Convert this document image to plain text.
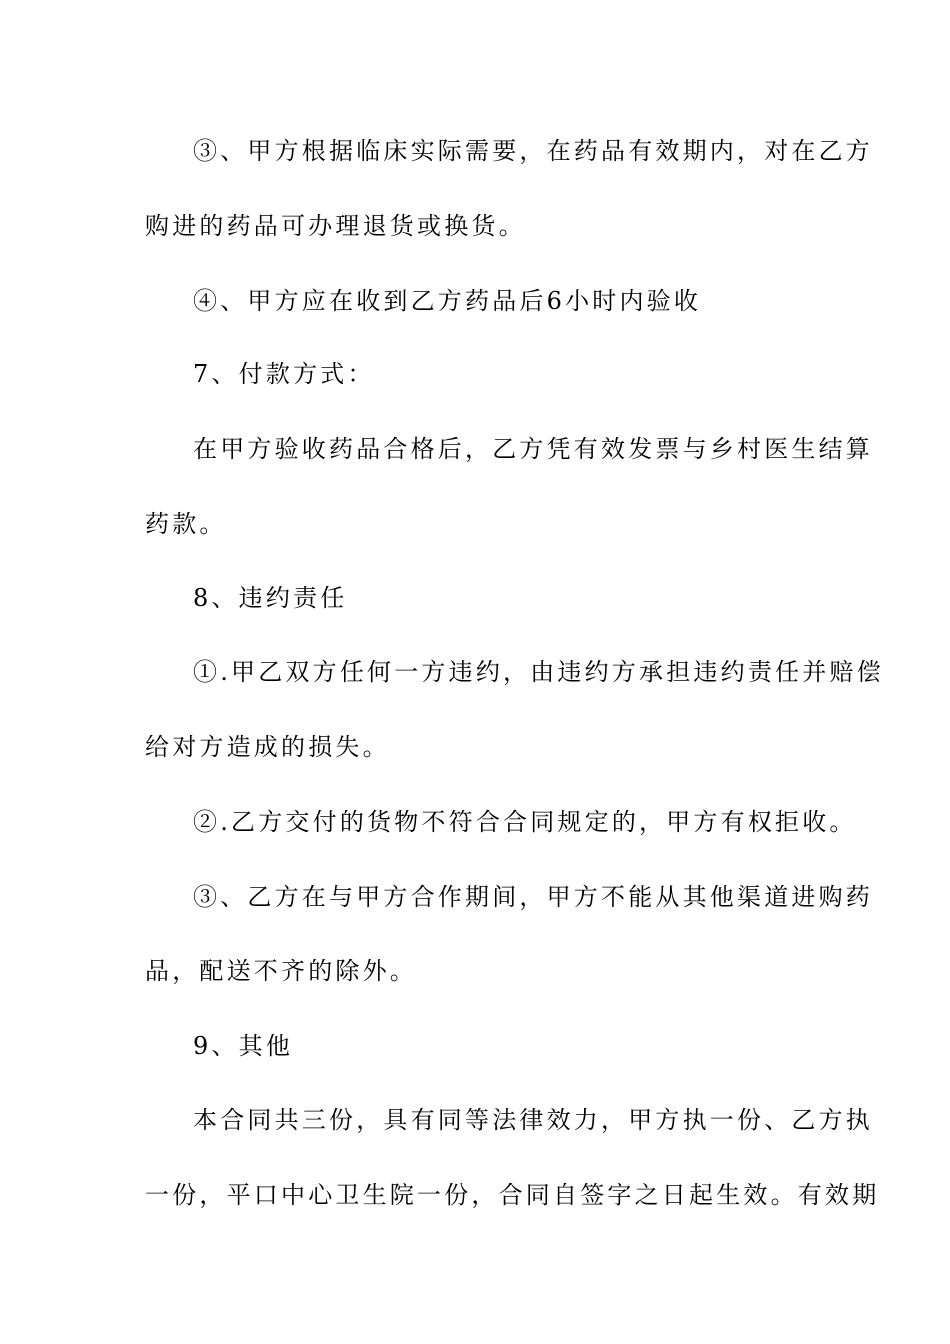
③、甲方根据临床实际需要，在药品有效期内，对在乙方
购进的药品可办理退货或换货。
④、甲方应在收到乙方药品后6小时内验收
7、付款方式：
在甲方验收药品合格后，乙方凭有效发票与乡村医生结算
药款。
8、违约责任
①.甲乙双方任何一方违约，由违约方承担违约责任并赔偿
给对方造成的损失。
②.乙方交付的货物不符合合同规定的，甲方有权拒收。
③、乙方在与甲方合作期间，甲方不能从其他渠道进购药
品，配送不齐的除外。
9、其他
本合同共三份，具有同等法律效力，甲方执一份、乙方执
一份，平口中心卫生院一份，合同自签字之日起生效。有效期
